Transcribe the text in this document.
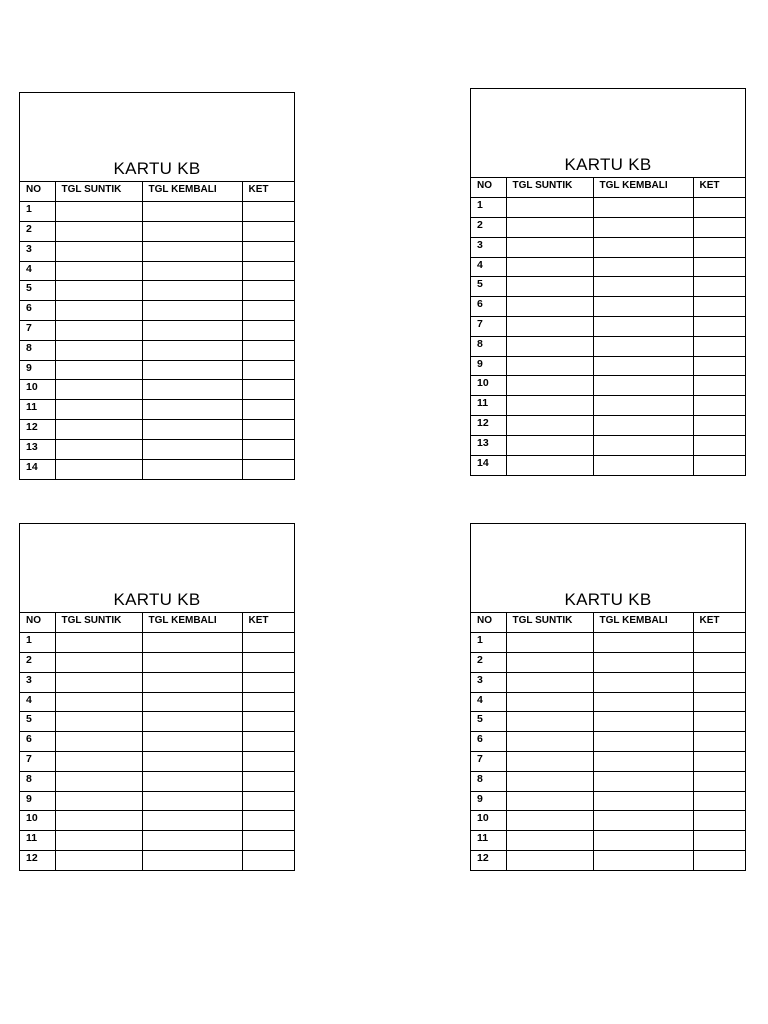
KARTU KB
NO	TGL SUNTIK	TGL KEMBALI	KET
1			
2			
3			
4			
5			
6			
7			
8			
9			
10			
11			
12			
13			
14			
KARTU KB
NO	TGL SUNTIK	TGL KEMBALI	KET
1			
2			
3			
4			
5			
6			
7			
8			
9			
10			
11			
12			
13			
14			
KARTU KB
NO	TGL SUNTIK	TGL KEMBALI	KET
1			
2			
3			
4			
5			
6			
7			
8			
9			
10			
11			
12			
KARTU KB
NO	TGL SUNTIK	TGL KEMBALI	KET
1			
2			
3			
4			
5			
6			
7			
8			
9			
10			
11			
12			
